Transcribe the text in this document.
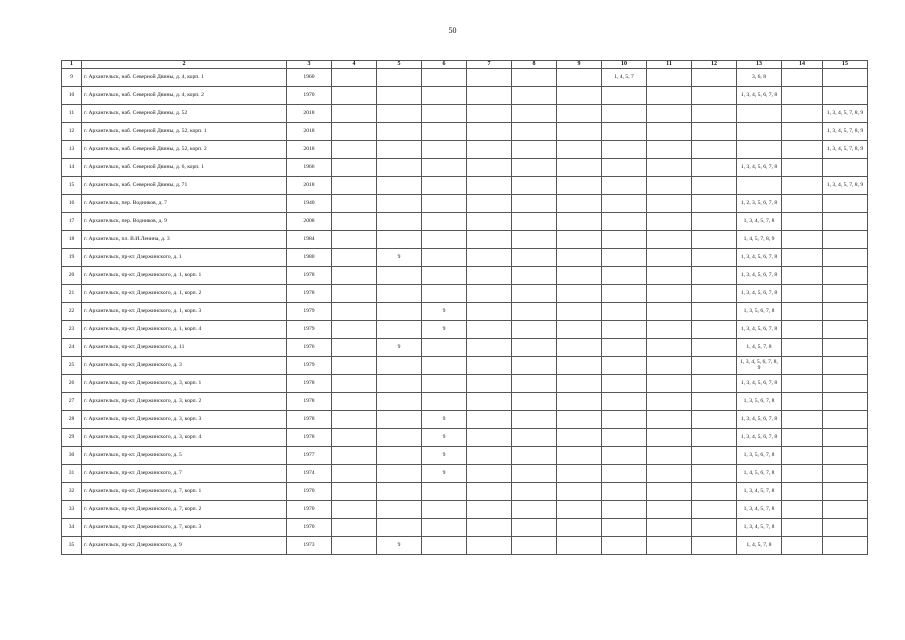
50
1	2	3	4	5	6	7	8	9	10	11	12	13	14	15
9	г. Архангельск, наб. Северной Двины, д. 4, корп. 1	1960							1, 4, 5, 7			3, 6, 8		
10	г. Архангельск, наб. Северной Двины, д. 4, корп. 2	1970										1, 3, 4, 5, 6, 7, 8		
11	г. Архангельск, наб. Северной Двины, д. 52	2018												1, 3, 4, 5, 7, 8, 9
12	г. Архангельск, наб. Северной Двины, д. 52, корп. 1	2018												1, 3, 4, 5, 7, 8, 9
13	г. Архангельск, наб. Северной Двины, д. 52, корп. 2	2018												1, 3, 4, 5, 7, 8, 9
14	г. Архангельск, наб. Северной Двины, д. 6, корп. 1	1966										1, 3, 4, 5, 6, 7, 8		
15	г. Архангельск, наб. Северной Двины, д. 71	2018												1, 3, 4, 5, 7, 8, 9
16	г. Архангельск, пер. Водников, д. 7	1940										1, 2, 3, 5, 6, 7, 8		
17	г. Архангельск, пер. Водников, д. 9	2008										1, 3, 4, 5, 7, 8		
18	г. Архангельск, пл. В.И.Ленина, д. 3	1984										1, 4, 5, 7, 8, 9		
19	г. Архангельск, пр-кт. Дзержинского, д. 1	1980		9								1, 3, 4, 5, 6, 7, 8		
20	г. Архангельск, пр-кт. Дзержинского, д. 1, корп. 1	1978										1, 3, 4, 5, 6, 7, 8		
21	г. Архангельск, пр-кт. Дзержинского, д. 1, корп. 2	1978										1, 3, 4, 5, 6, 7, 8		
22	г. Архангельск, пр-кт. Дзержинского, д. 1, корп. 3	1979			9							1, 3, 5, 6, 7, 8		
23	г. Архангельск, пр-кт. Дзержинского, д. 1, корп. 4	1979			9							1, 3, 4, 5, 6, 7, 8		
24	г. Архангельск, пр-кт. Дзержинского, д. 11	1976		9								1, 4, 5, 7, 8		
25	г. Архангельск, пр-кт. Дзержинского, д. 3	1979										1, 3, 4, 5, 6, 7, 8, 9		
26	г. Архангельск, пр-кт. Дзержинского, д. 3, корп. 1	1978										1, 3, 4, 5, 6, 7, 8		
27	г. Архангельск, пр-кт. Дзержинского, д. 3, корп. 2	1978										1, 3, 5, 6, 7, 8		
28	г. Архангельск, пр-кт. Дзержинского, д. 3, корп. 3	1978			9							1, 3, 4, 5, 6, 7, 8		
29	г. Архангельск, пр-кт. Дзержинского, д. 3, корп. 4	1978			9							1, 3, 4, 5, 6, 7, 8		
30	г. Архангельск, пр-кт. Дзержинского, д. 5	1977			9							1, 3, 5, 6, 7, 8		
31	г. Архангельск, пр-кт. Дзержинского, д. 7	1974			9							1, 4, 5, 6, 7, 8		
32	г. Архангельск, пр-кт. Дзержинского, д. 7, корп. 1	1970										1, 3, 4, 5, 7, 8		
33	г. Архангельск, пр-кт. Дзержинского, д. 7, корп. 2	1970										1, 3, 4, 5, 7, 8		
34	г. Архангельск, пр-кт. Дзержинского, д. 7, корп. 3	1970										1, 3, 4, 5, 7, 8		
35	г. Архангельск, пр-кт. Дзержинского, д. 9	1973		9								1, 4, 5, 7, 8		
